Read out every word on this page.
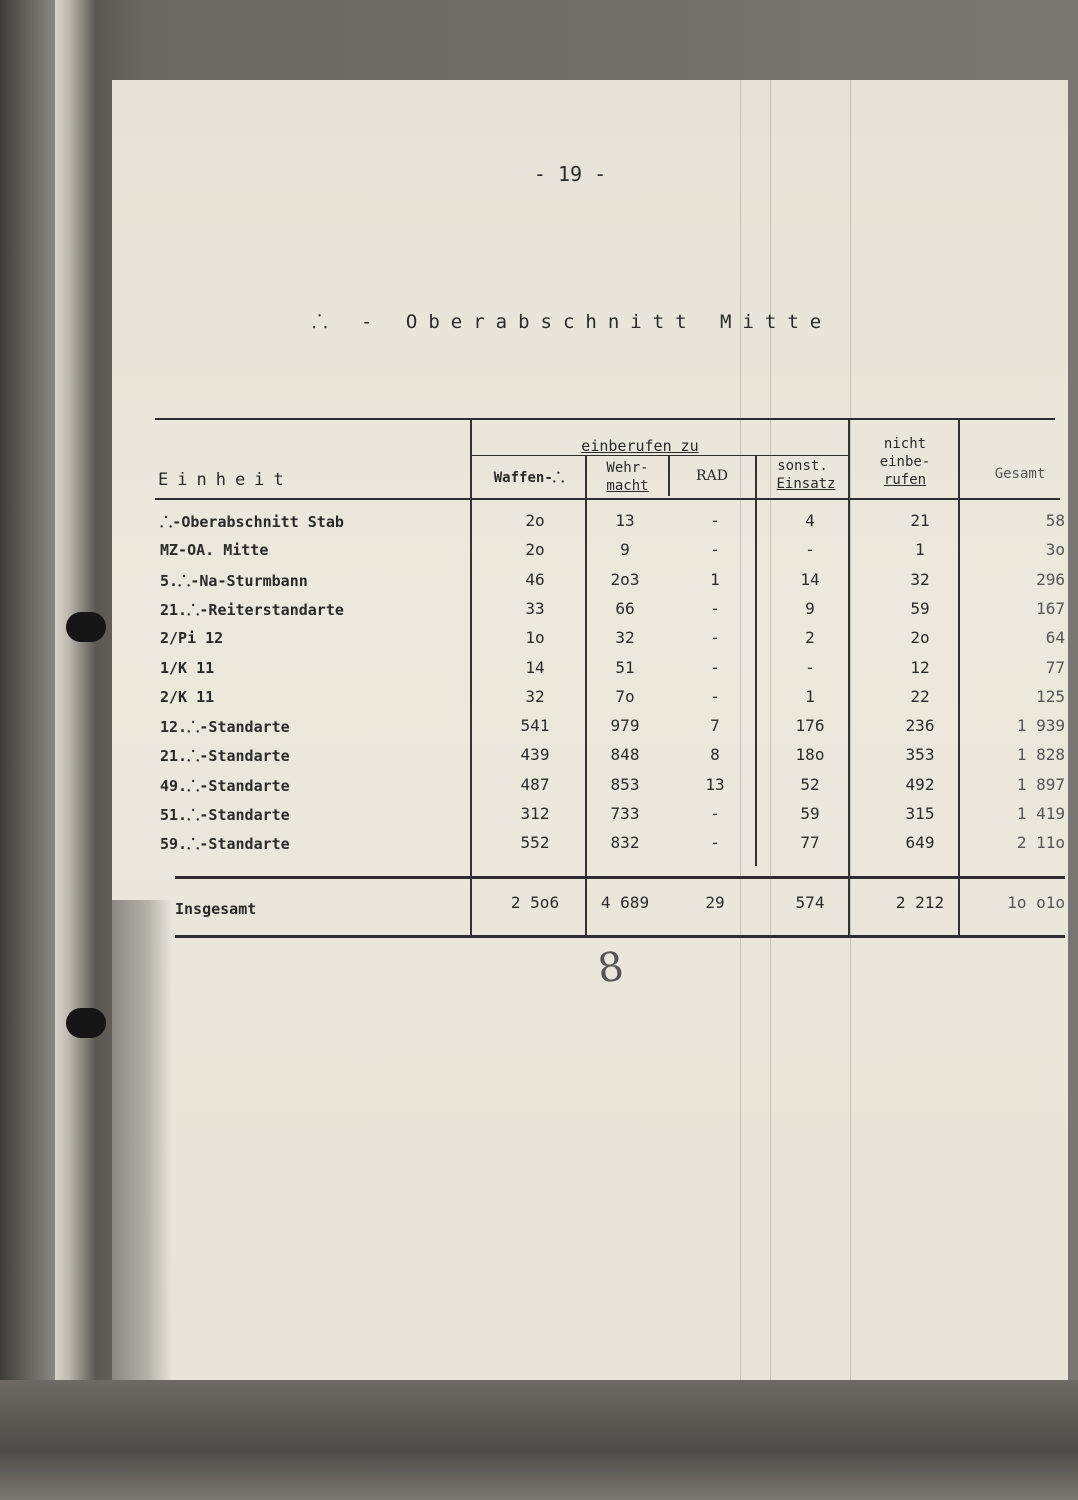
- 19 -
⸫ - Oberabschnitt Mitte
Einheit
einberufen zu
Waffen-⸫
Wehr-
macht
RAD
sonst.
Einsatz
nicht
einbe-
rufen	Gesamt
⸫-Oberabschnitt Stab	2o	13	-	4	21	58
MZ-OA. Mitte	2o	9	-	-	1	3o
5.⸫-Na-Sturmbann	46	2o3	1	14	32	296
21.⸫-Reiterstandarte	33	66	-	9	59	167
2/Pi 12	1o	32	-	2	2o	64
1/K 11	14	51	-	-	12	77
2/K 11	32	7o	-	1	22	125
12.⸫-Standarte	541	979	7	176	236	1 939
21.⸫-Standarte	439	848	8	18o	353	1 828
49.⸫-Standarte	487	853	13	52	492	1 897
51.⸫-Standarte	312	733	-	59	315	1 419
59.⸫-Standarte	552	832	-	77	649	2 11o
Insgesamt	2 5o6	4 689	29	574	2 212	1o o1o
8
